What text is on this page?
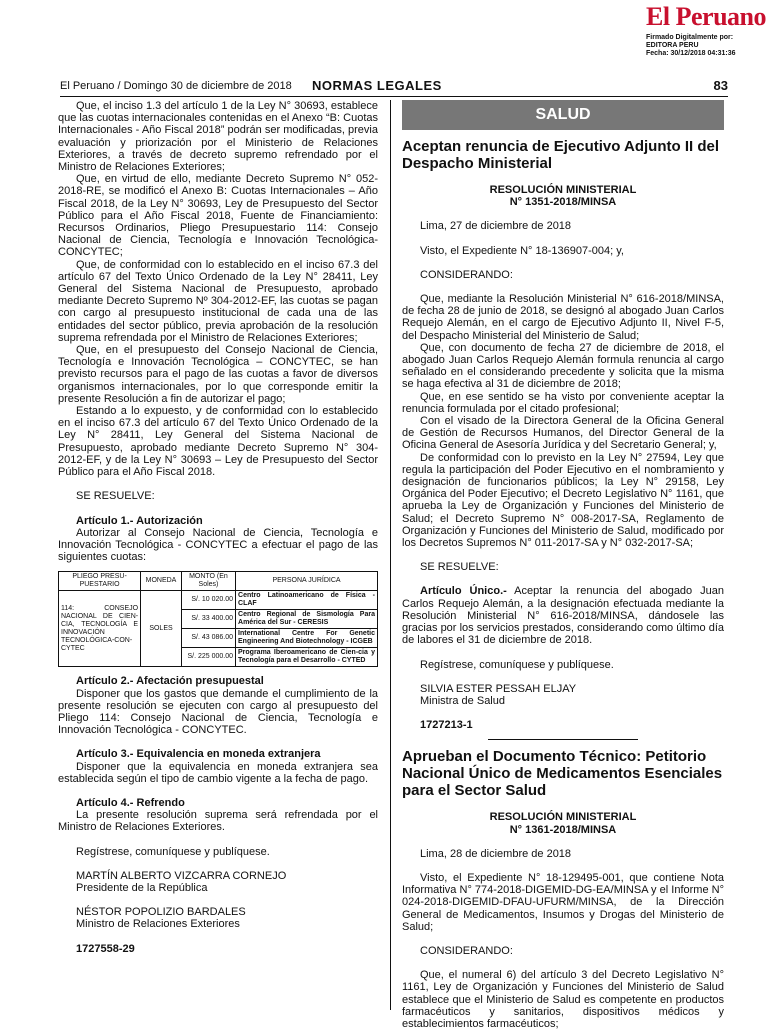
El Peruano
Firmado Digitalmente por:
EDITORA PERU
Fecha: 30/12/2018 04:31:36
El Peruano / Domingo 30 de diciembre de 2018 NORMAS LEGALES	83

Que, el inciso 1.3 del artículo 1 de la Ley N° 30693, establece que las cuotas internacionales contenidas en el Anexo “B: Cuotas Internacionales - Año Fiscal 2018” podrán ser modificadas, previa evaluación y priorización por el Ministerio de Relaciones Exteriores, a través de decreto supremo refrendado por el Ministro de Relaciones Exteriores;

Que, en virtud de ello, mediante Decreto Supremo N° 052-2018-RE, se modificó el Anexo B: Cuotas Internacionales – Año Fiscal 2018, de la Ley N° 30693, Ley de Presupuesto del Sector Público para el Año Fiscal 2018, Fuente de Financiamiento: Recursos Ordinarios, Pliego Presupuestario 114: Consejo Nacional de Ciencia, Tecnología e Innovación Tecnológica-CONCYTEC;

Que, de conformidad con lo establecido en el inciso 67.3 del artículo 67 del Texto Único Ordenado de la Ley N° 28411, Ley General del Sistema Nacional de Presupuesto, aprobado mediante Decreto Supremo Nº 304-2012-EF, las cuotas se pagan con cargo al presupuesto institucional de cada una de las entidades del sector público, previa aprobación de la resolución suprema refrendada por el Ministro de Relaciones Exteriores;

Que, en el presupuesto del Consejo Nacional de Ciencia, Tecnología e Innovación Tecnológica – CONCYTEC, se han previsto recursos para el pago de las cuotas a favor de diversos organismos internacionales, por lo que corresponde emitir la presente Resolución a fin de autorizar el pago;

Estando a lo expuesto, y de conformidad con lo establecido en el inciso 67.3 del artículo 67 del Texto Único Ordenado de la Ley N° 28411, Ley General del Sistema Nacional de Presupuesto, aprobado mediante Decreto Supremo N° 304-2012-EF, y de la Ley N° 30693 – Ley de Presupuesto del Sector Público para el Año Fiscal 2018.

SE RESUELVE:

Artículo 1.- Autorización

Autorizar al Consejo Nacional de Ciencia, Tecnología e Innovación Tecnológica - CONCYTEC a efectuar el pago de las siguientes cuotas:

PLIEGO PRESU-PUESTARIO	MONEDA	MONTO (En Soles)	PERSONA JURÍDICA
114: CONSEJO NACIONAL DE CIEN-CIA, TECNOLOGÍA E INNOVACIÓN TECNOLÓGICA-CON-CYTEC	SOLES	S/. 10 020.00	Centro Latinoamericano de Física - CLAF
		S/. 33 400.00	Centro Regional de Sismología Para América del Sur - CERESIS
		S/. 43 086.00	International Centre For Genetic Engineering And Biotechnology - ICGEB
		S/. 225 000.00	Programa Iberoamericano de Cien-cia y Tecnología para el Desarrollo - CYTED

Artículo 2.- Afectación presupuestal

Disponer que los gastos que demande el cumplimiento de la presente resolución se ejecuten con cargo al presupuesto del Pliego 114: Consejo Nacional de Ciencia, Tecnología e Innovación Tecnológica - CONCYTEC.

Artículo 3.- Equivalencia en moneda extranjera

Disponer que la equivalencia en moneda extranjera sea establecida según el tipo de cambio vigente a la fecha de pago.

Artículo 4.- Refrendo

La presente resolución suprema será refrendada por el Ministro de Relaciones Exteriores.

Regístrese, comuníquese y publíquese.

MARTÍN ALBERTO VIZCARRA CORNEJO

Presidente de la República

NÉSTOR POPOLIZIO BARDALES

Ministro de Relaciones Exteriores

1727558-29

SALUD
Aceptan renuncia de Ejecutivo Adjunto II del Despacho Ministerial

RESOLUCIÓN MINISTERIAL

N° 1351-2018/MINSA

Lima, 27 de diciembre de 2018

Visto, el Expediente N° 18-136907-004; y,

CONSIDERANDO:

Que, mediante la Resolución Ministerial N° 616-2018/MINSA, de fecha 28 de junio de 2018, se designó al abogado Juan Carlos Requejo Alemán, en el cargo de Ejecutivo Adjunto II, Nivel F-5, del Despacho Ministerial del Ministerio de Salud;

Que, con documento de fecha 27 de diciembre de 2018, el abogado Juan Carlos Requejo Alemán formula renuncia al cargo señalado en el considerando precedente y solicita que la misma se haga efectiva al 31 de diciembre de 2018;

Que, en ese sentido se ha visto por conveniente aceptar la renuncia formulada por el citado profesional;

Con el visado de la Directora General de la Oficina General de Gestión de Recursos Humanos, del Director General de la Oficina General de Asesoría Jurídica y del Secretario General; y,

De conformidad con lo previsto en la Ley N° 27594, Ley que regula la participación del Poder Ejecutivo en el nombramiento y designación de funcionarios públicos; la Ley N° 29158, Ley Orgánica del Poder Ejecutivo; el Decreto Legislativo N° 1161, que aprueba la Ley de Organización y Funciones del Ministerio de Salud; el Decreto Supremo N° 008-2017-SA, Reglamento de Organización y Funciones del Ministerio de Salud, modificado por los Decretos Supremos N° 011-2017-SA y N° 032-2017-SA;

SE RESUELVE:

Artículo Único.- Aceptar la renuncia del abogado Juan Carlos Requejo Alemán, a la designación efectuada mediante la Resolución Ministerial N° 616-2018/MINSA, dándosele las gracias por los servicios prestados, considerando como último día de labores el 31 de diciembre de 2018.

Regístrese, comuníquese y publíquese.

SILVIA ESTER PESSAH ELJAY

Ministra de Salud

1727213-1

Aprueban el Documento Técnico: Petitorio Nacional Único de Medicamentos Esenciales para el Sector Salud

RESOLUCIÓN MINISTERIAL

N° 1361-2018/MINSA

Lima, 28 de diciembre de 2018

Visto, el Expediente N° 18-129495-001, que contiene Nota Informativa N° 774-2018-DIGEMID-DG-EA/MINSA y el Informe N° 024-2018-DIGEMID-DFAU-UFURM/MINSA, de la Dirección General de Medicamentos, Insumos y Drogas del Ministerio de Salud;

CONSIDERANDO:

Que, el numeral 6) del artículo 3 del Decreto Legislativo N° 1161, Ley de Organización y Funciones del Ministerio de Salud establece que el Ministerio de Salud es competente en productos farmacéuticos y sanitarios, dispositivos médicos y establecimientos farmacéuticos;
